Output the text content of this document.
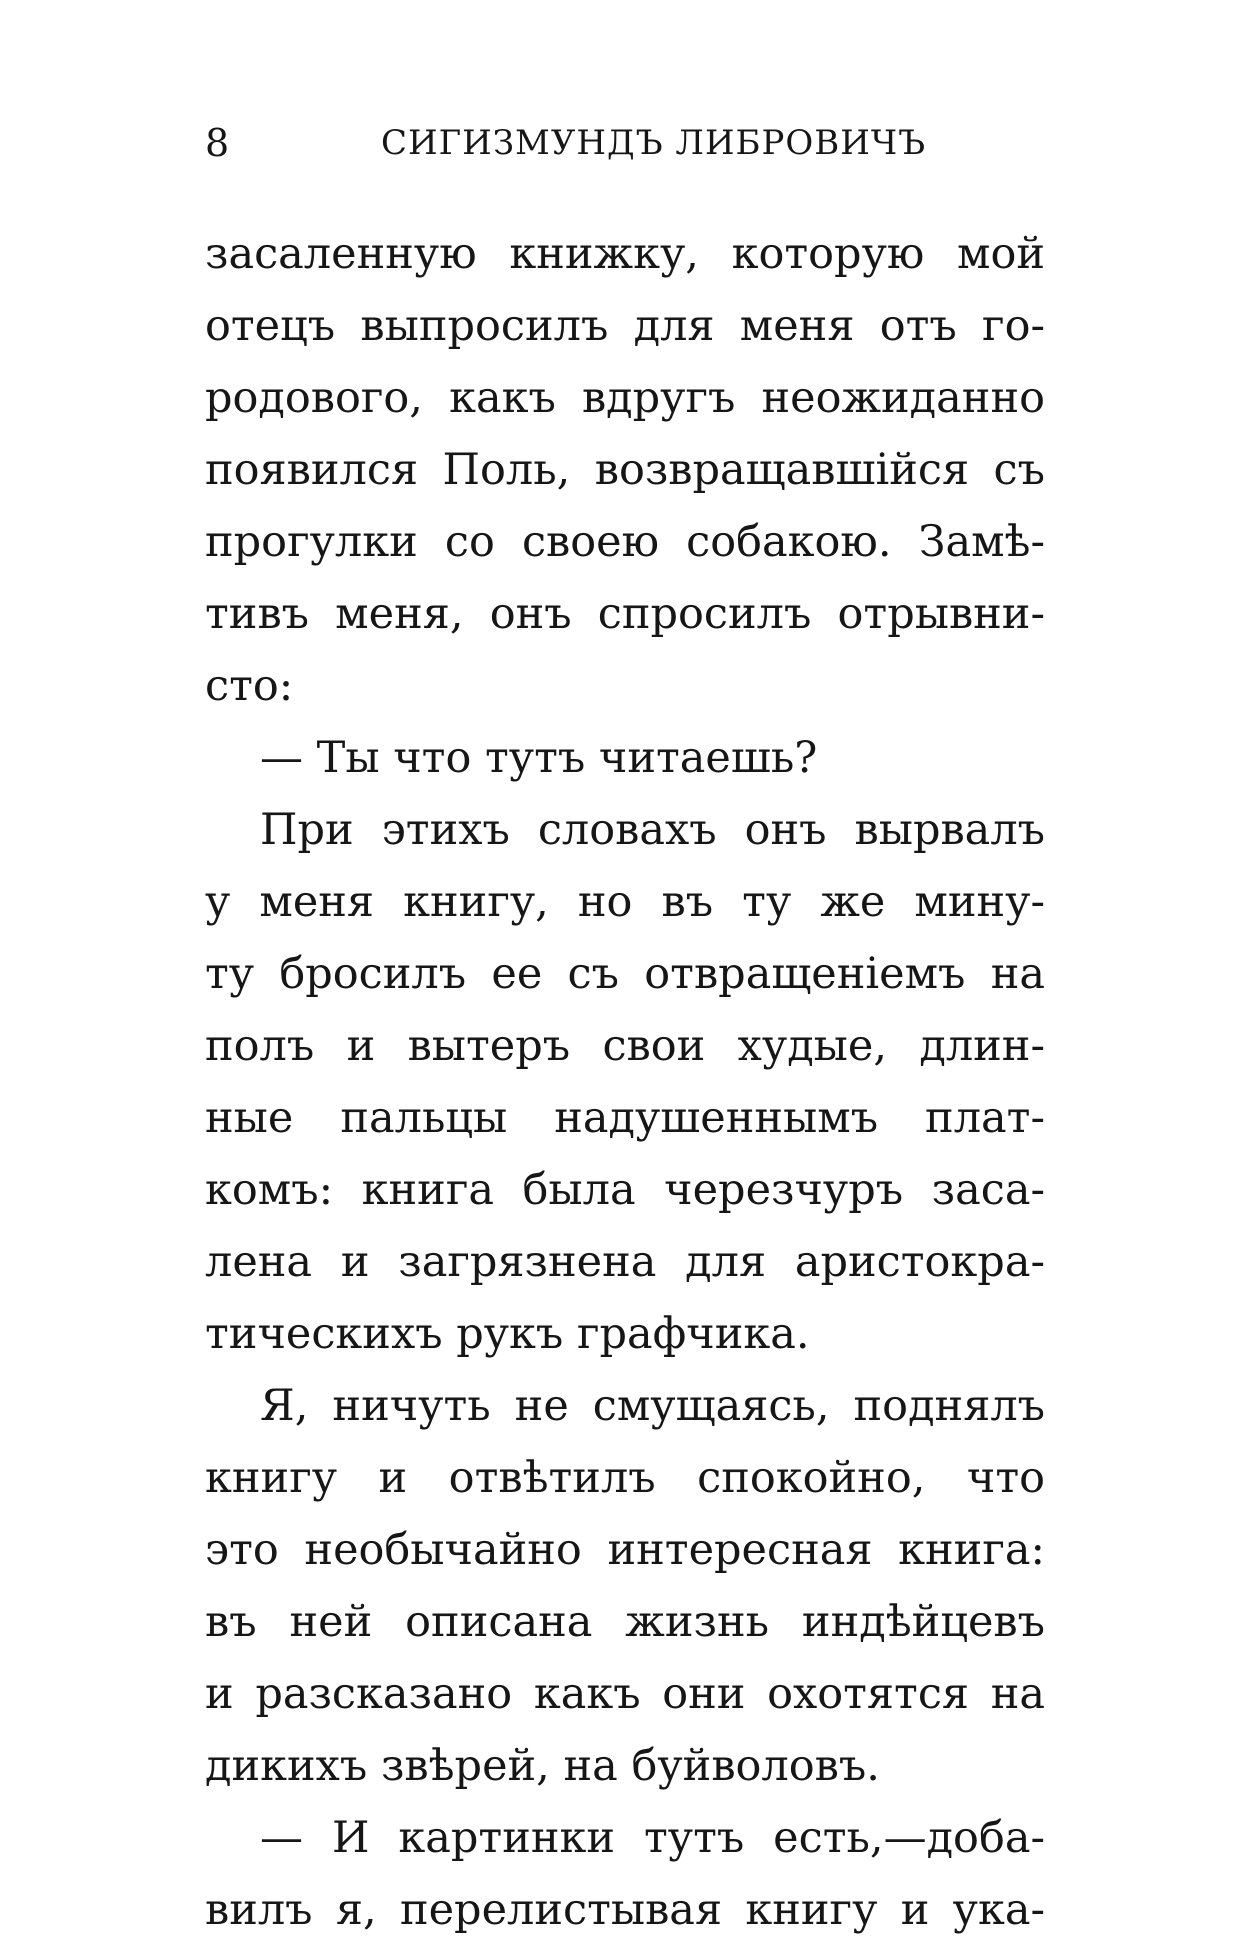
8	СИГИЗМУНДЪ ЛИБРОВИЧЪ
засаленную книжку, которую мой
отецъ выпросилъ для меня отъ го-
родового, какъ вдругъ неожиданно
появился Поль, возвращавшійся съ
прогулки со своею собакою. Замѣ-
тивъ меня, онъ спросилъ отрывни-
сто:
— Ты что тутъ читаешь?
При этихъ словахъ онъ вырвалъ
у меня книгу, но въ ту же мину-
ту бросилъ ее съ отвращеніемъ на
полъ и вытеръ свои худые, длин-
ные пальцы надушеннымъ плат-
комъ: книга была черезчуръ заса-
лена и загрязнена для аристокра-
тическихъ рукъ графчика.
Я, ничуть не смущаясь, поднялъ
книгу и отвѣтилъ спокойно, что
это необычайно интересная книга:
въ ней описана жизнь индѣйцевъ
и разсказано какъ они охотятся на
дикихъ звѣрей, на буйволовъ.
— И картинки тутъ есть,—доба-
вилъ я, перелистывая книгу и ука-
